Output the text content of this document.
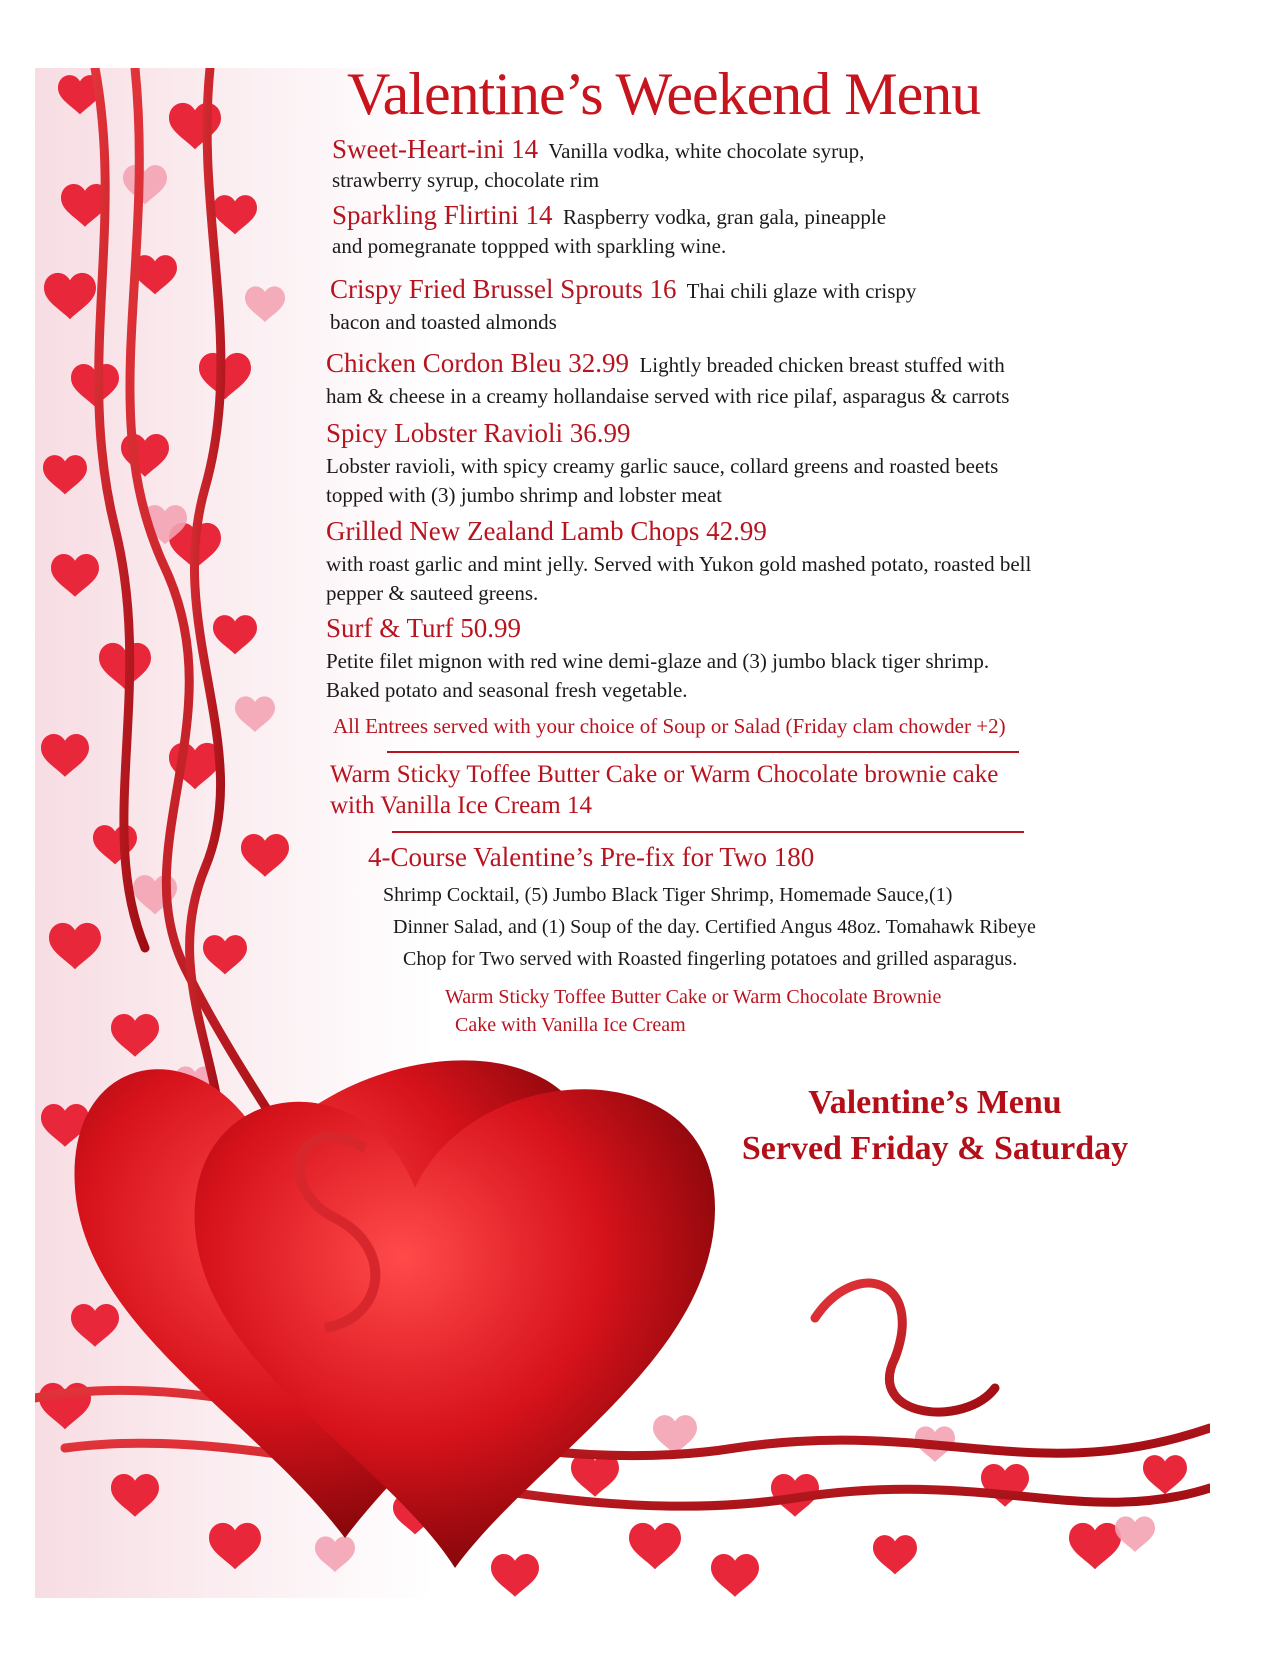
Valentine’s Weekend Menu
Sweet-Heart-ini 14 Vanilla vodka, white chocolate syrup,
strawberry syrup, chocolate rim
Sparkling Flirtini 14 Raspberry vodka, gran gala, pineapple
and pomegranate toppped with sparkling wine.
Crispy Fried Brussel Sprouts 16 Thai chili glaze with crispy
bacon and toasted almonds
Chicken Cordon Bleu 32.99 Lightly breaded chicken breast stuffed with
ham & cheese in a creamy hollandaise served with rice pilaf, asparagus & carrots
Spicy Lobster Ravioli 36.99
Lobster ravioli, with spicy creamy garlic sauce, collard greens and roasted beets
topped with (3) jumbo shrimp and lobster meat
Grilled New Zealand Lamb Chops 42.99
with roast garlic and mint jelly. Served with Yukon gold mashed potato, roasted bell
pepper & sauteed greens.
Surf & Turf 50.99
Petite filet mignon with red wine demi-glaze and (3) jumbo black tiger shrimp.
Baked potato and seasonal fresh vegetable.
All Entrees served with your choice of Soup or Salad (Friday clam chowder +2)
Warm Sticky Toffee Butter Cake or Warm Chocolate brownie cake
with Vanilla Ice Cream 14
4-Course Valentine’s Pre-fix for Two 180
Shrimp Cocktail, (5) Jumbo Black Tiger Shrimp, Homemade Sauce,(1)
Dinner Salad, and (1) Soup of the day. Certified Angus 48oz. Tomahawk Ribeye
Chop for Two served with Roasted fingerling potatoes and grilled asparagus.
Warm Sticky Toffee Butter Cake or Warm Chocolate Brownie
Cake with Vanilla Ice Cream
Valentine’s Menu
Served Friday & Saturday
